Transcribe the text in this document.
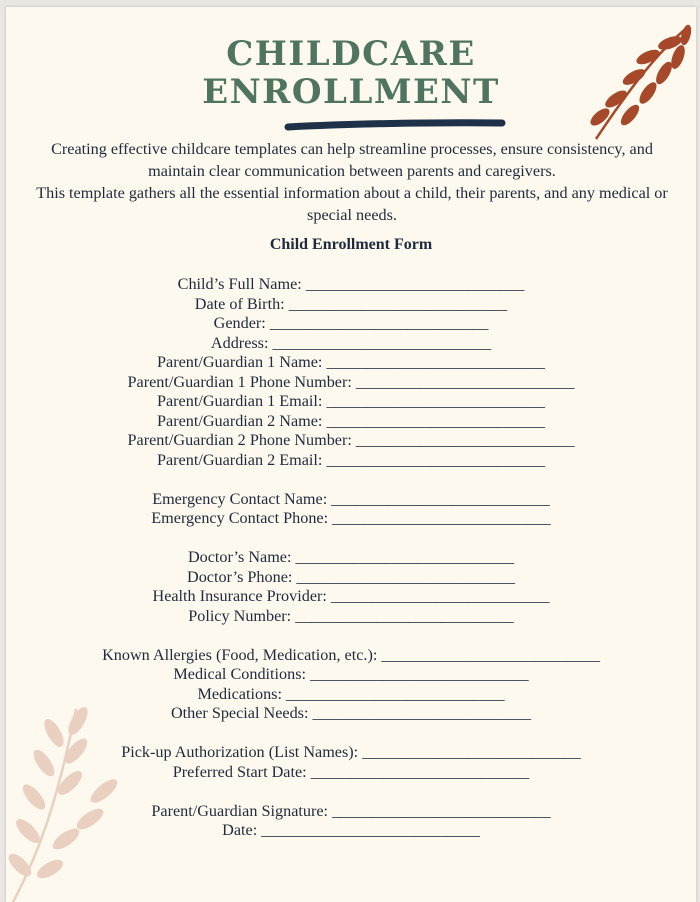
CHILDCARE
ENROLLMENT

Creating effective childcare templates can help streamline processes, ensure consistency, and maintain clear communication between parents and caregivers.

This template gathers all the essential information about a child, their parents, and any medical or special needs.

Child Enrollment Form
Child’s Full Name: ___________________________
Date of Birth: ___________________________
Gender: ___________________________
Address: ___________________________
Parent/Guardian 1 Name: ___________________________
Parent/Guardian 1 Phone Number: ___________________________
Parent/Guardian 1 Email: ___________________________
Parent/Guardian 2 Name: ___________________________
Parent/Guardian 2 Phone Number: ___________________________
Parent/Guardian 2 Email: ___________________________
Emergency Contact Name: ___________________________
Emergency Contact Phone: ___________________________
Doctor’s Name: ___________________________
Doctor’s Phone: ___________________________
Health Insurance Provider: ___________________________
Policy Number: ___________________________
Known Allergies (Food, Medication, etc.): ___________________________
Medical Conditions: ___________________________
Medications: ___________________________
Other Special Needs: ___________________________
Pick-up Authorization (List Names): ___________________________
Preferred Start Date: ___________________________
Parent/Guardian Signature: ___________________________
Date: ___________________________
